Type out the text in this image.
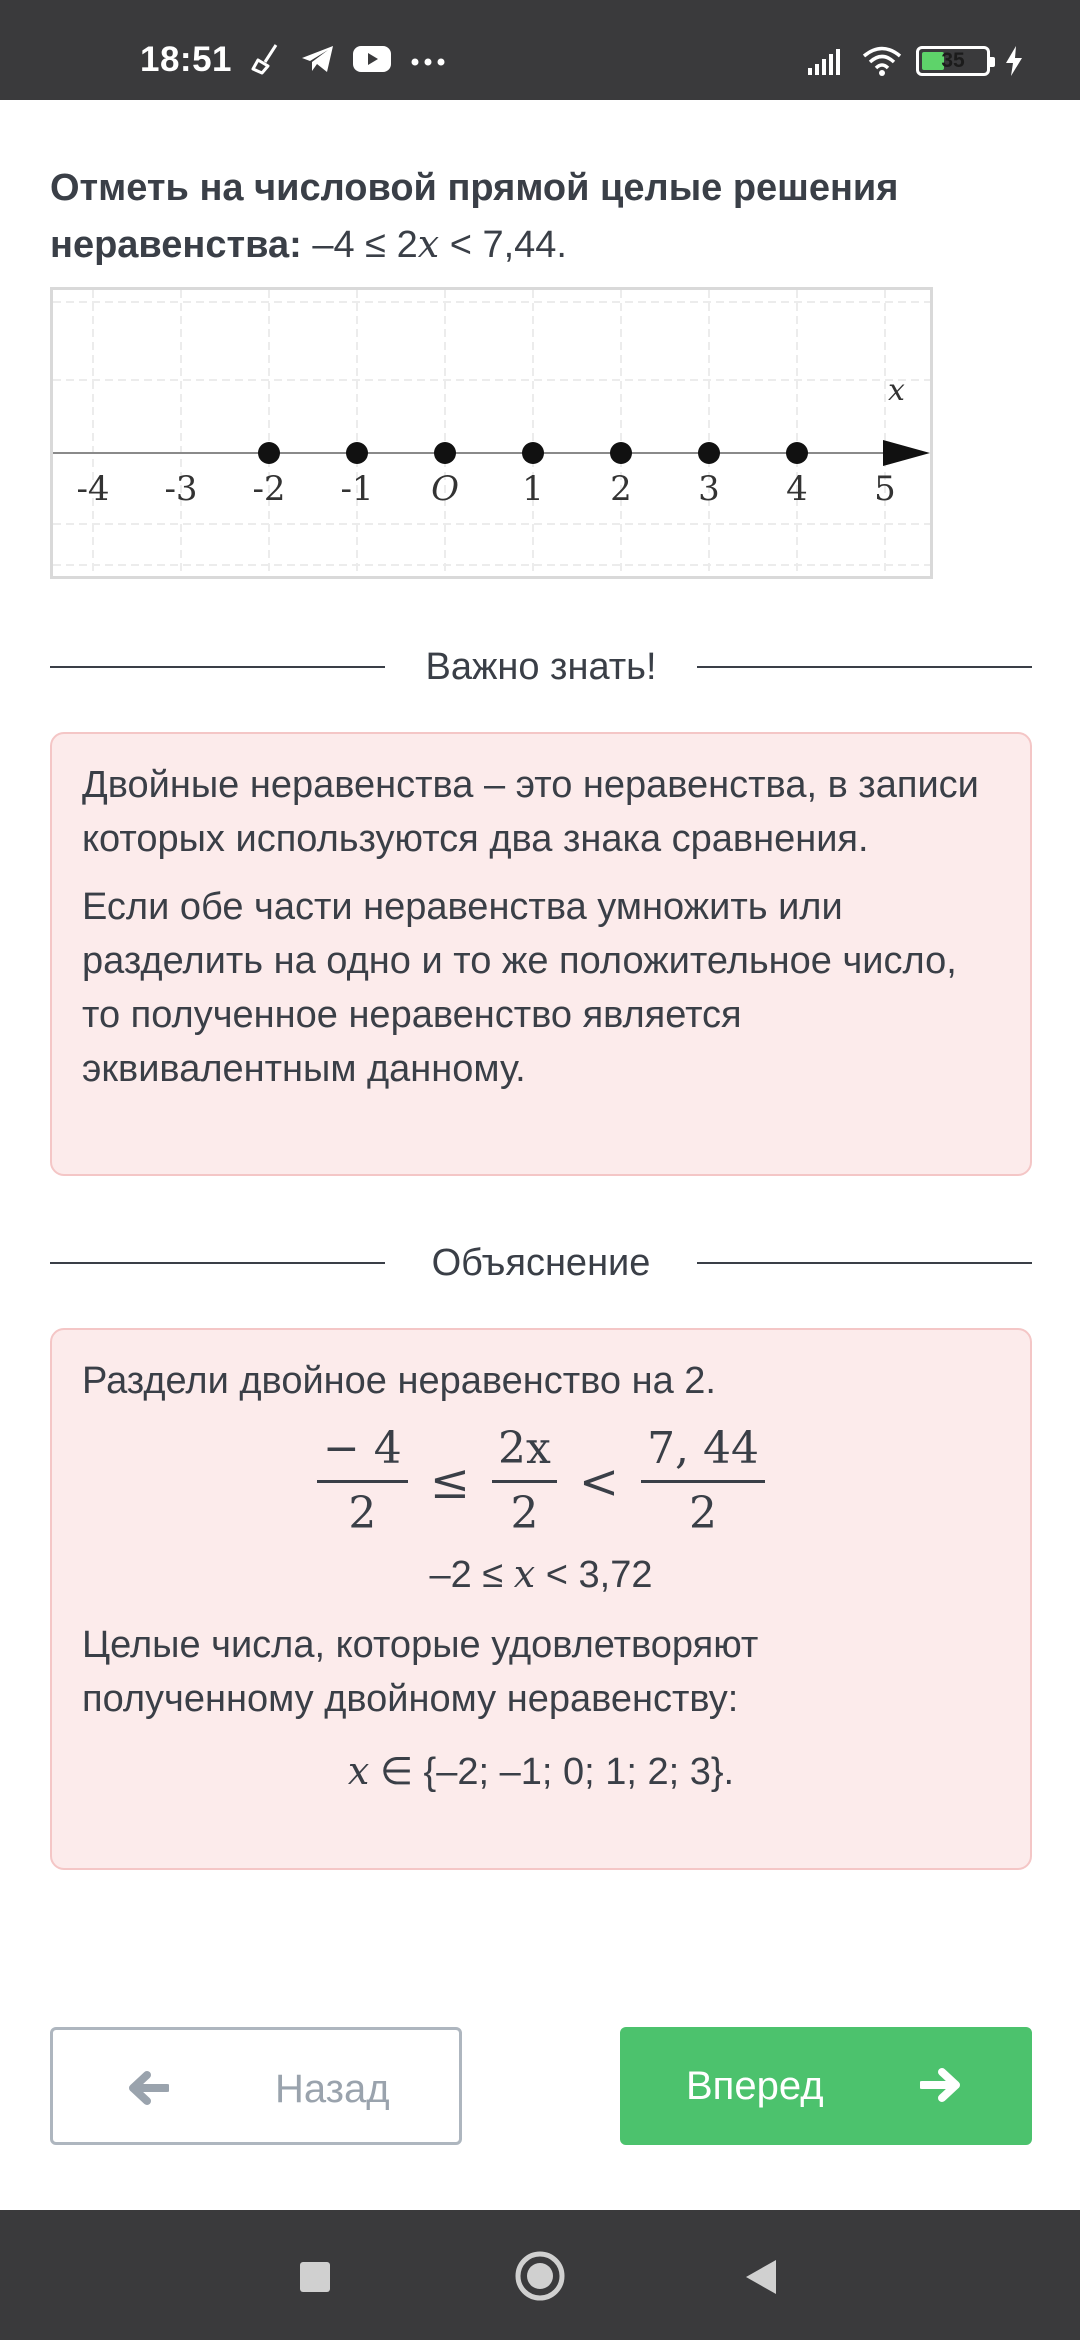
18:51	35
Отметь на числовой прямой целые решения неравенства: –4 ≤ 2x < 7,44.
x
-4 -3 -2 -1 O 1 2 3 4 5
Важно знать!

Двойные неравенства – это неравенства, в записи которых используются два знака сравнения.

Если обе части неравенства умножить или разделить на одно и то же положительное число, то полученное неравенство является эквивалентным данному.

Объяснение

Раздели двойное неравенство на 2.

$\frac{- 4}{2} \le \frac{2x}{2} < \frac{7, 44}{2}$

–2 ≤ x < 3,72

Целые числа, которые удовлетворяют полученному двойному неравенству:

x ∈ {–2; –1; 0; 1; 2; 3}.

Назад	Вперед
